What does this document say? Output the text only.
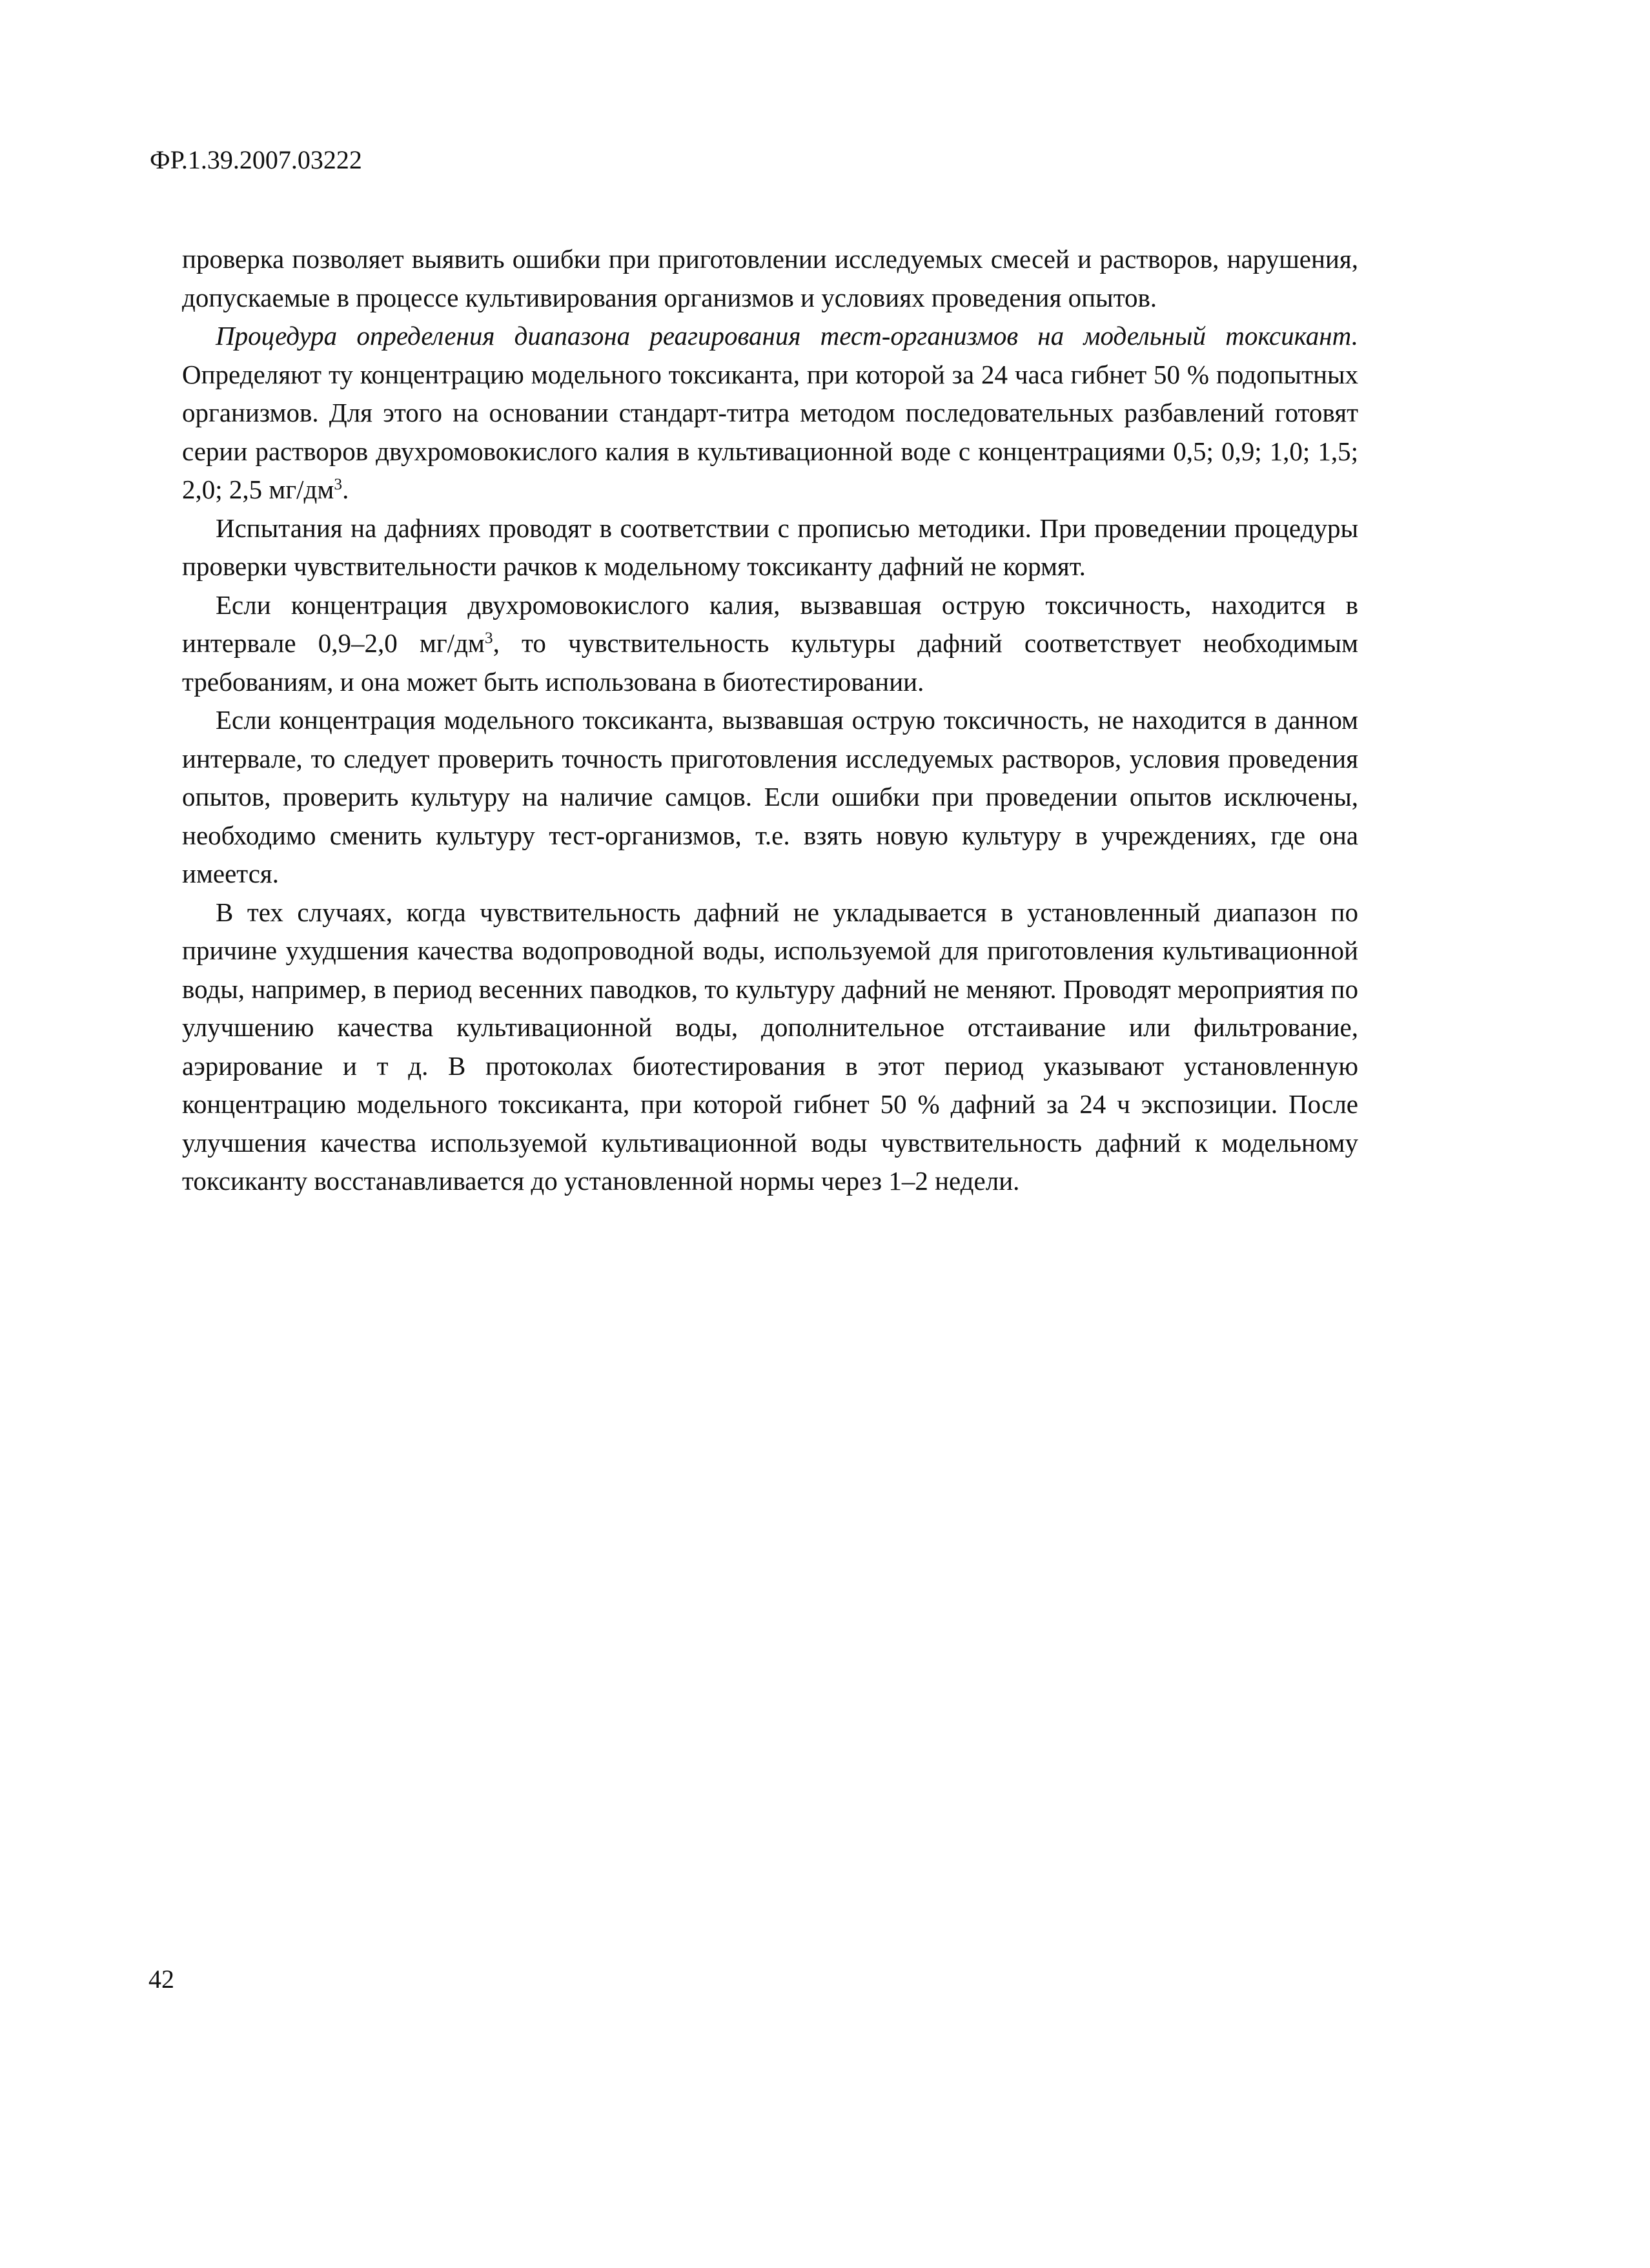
ФР.1.39.2007.03222

проверка позволяет выявить ошибки при приготовлении исследуемых смесей и растворов, нарушения, допускаемые в процессе культивирования организмов и условиях проведения опытов.

Процедура определения диапазона реагирования тест-организмов на модельный токсикант. Определяют ту концентрацию модельного токсиканта, при которой за 24 часа гибнет 50 % подопытных организмов. Для этого на основании стандарт-титра методом последовательных разбавлений готовят серии растворов двухромовокислого калия в культивационной воде с концентрациями 0,5; 0,9; 1,0; 1,5; 2,0; 2,5 $мг/дм^3$.

Испытания на дафниях проводят в соответствии с прописью методики. При проведении процедуры проверки чувствительности рачков к модельному токсиканту дафний не кормят.

Если концентрация двухромовокислого калия, вызвавшая острую токсичность, находится в интервале 0,9–2,0 $мг/дм^3$, то чувствительность культуры дафний соответствует необходимым требованиям, и она может быть использована в биотестировании.

Если концентрация модельного токсиканта, вызвавшая острую токсичность, не находится в данном интервале, то следует проверить точность приготовления исследуемых растворов, условия проведения опытов, проверить культуру на наличие самцов. Если ошибки при проведении опытов исключены, необходимо сменить культуру тест-организмов, т.е. взять новую культуру в учреждениях, где она имеется.

В тех случаях, когда чувствительность дафний не укладывается в установленный диапазон по причине ухудшения качества водопроводной воды, используемой для приготовления культивационной воды, например, в период весенних паводков, то культуру дафний не меняют. Проводят мероприятия по улучшению качества культивационной воды, дополнительное отстаивание или фильтрование, аэрирование и т д. В протоколах биотестирования в этот период указывают установленную концентрацию модельного токсиканта, при которой гибнет 50 % дафний за 24 ч экспозиции. После улучшения качества используемой культивационной воды чувствительность дафний к модельному токсиканту восстанавливается до установленной нормы через 1–2 недели.

42
